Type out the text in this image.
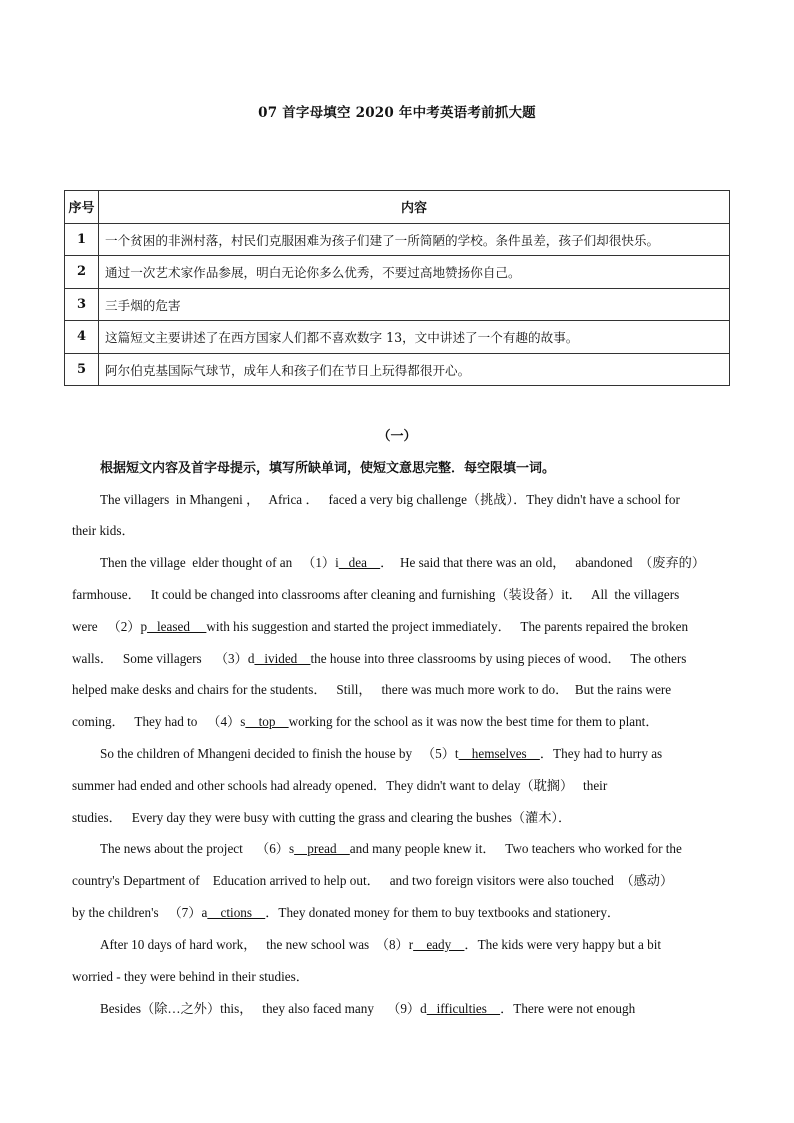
07 首字母填空 2020 年中考英语考前抓大题
序号	内容
1	一个贫困的非洲村落，村民们克服困难为孩子们建了一所简陋的学校。条件虽差，孩子们却很快乐。
2	通过一次艺术家作品参展，明白无论你多么优秀，不要过高地赞扬你自己。
3	三手烟的危害
4	这篇短文主要讲述了在西方国家人们都不喜欢数字 13，文中讲述了一个有趣的故事。
5	阿尔伯克基国际气球节，成年人和孩子们在节日上玩得都很开心。
（一）
根据短文内容及首字母提示，填写所缺单词，使短文意思完整．每空限填一词。
The villagers  in Mhangeni ，   Africa ．   faced a very big challenge（挑战）．They didn't have a school for
their kids．
Then the village  elder thought of an   （1）i   dea    ．  He said that there was an old，   abandoned  （废弃的）
farmhouse．   It could be changed into classrooms after cleaning and furnishing（装设备）it．   All  the villagers
were   （2）p   leased     with his suggestion and started the project immediately．   The parents repaired the broken
walls．   Some villagers    （3）d   ivided    the house into three classrooms by using pieces of wood．   The others
helped make desks and chairs for the students．   Still，   there was much more work to do．  But the rains were
coming．   They had to   （4）s    top    working for the school as it was now the best time for them to plant．
So the children of Mhangeni decided to finish the house by   （5）t    hemselves    ．They had to hurry as
summer had ended and other schools had already opened．They didn't want to delay（耽搁）   their
studies．   Every day they were busy with cutting the grass and clearing the bushes（灌木）．
The news about the project    （6）s    pread    and many people knew it．   Two teachers who worked for the
country's Department of    Education arrived to help out．   and two foreign visitors were also touched  （感动）
by the children's   （7）a    ctions    ．They donated money for them to buy textbooks and stationery．
After 10 days of hard work，   the new school was  （8）r    eady    ．The kids were very happy but a bit
worried - they were behind in their studies．
Besides（除…之外）this，   they also faced many    （9）d   ifficulties    ．There were not enough
